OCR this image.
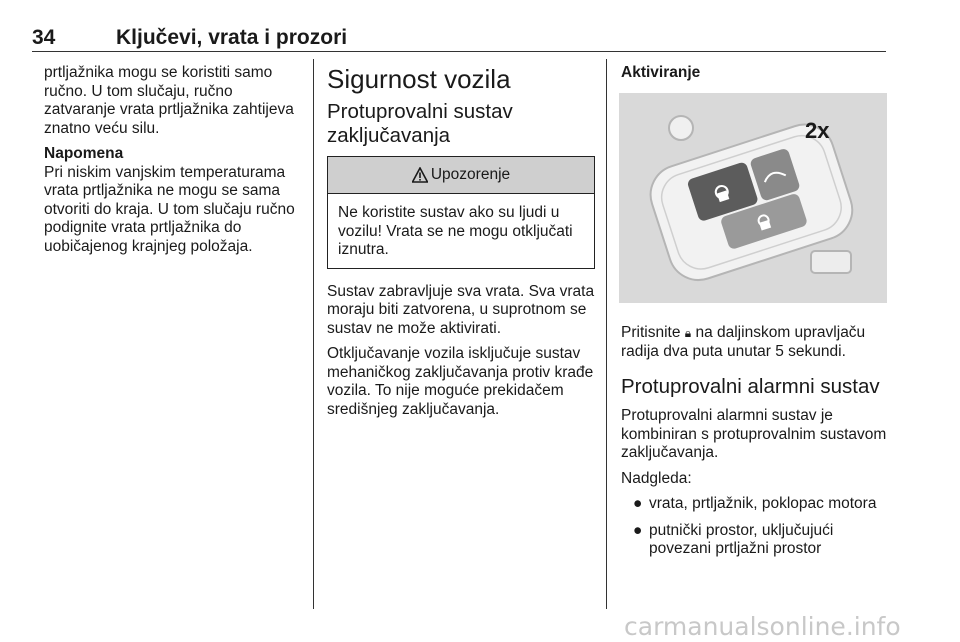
34	Ključevi, vrata i prozori

prtljažnika mogu se koristiti samo ručno. U tom slučaju, ručno zatvaranje vrata prtljažnika zahtijeva znatno veću silu.

Napomena

Pri niskim vanjskim temperaturama vrata prtljažnika ne mogu se sama otvoriti do kraja. U tom slučaju ručno podignite vrata prtljažnika do uobičajenog krajnjeg položaja.

Sigurnost vozila
Protuprovalni sustav zaključavanja
Upozorenje
Ne koristite sustav ako su ljudi u vozilu! Vrata se ne mogu otključati iznutra.

Sustav zabravljuje sva vrata. Sva vrata moraju biti zatvorena, u suprotnom se sustav ne može aktivirati.

Otključavanje vozila isključuje sustav mehaničkog zaključavanja protiv krađe vozila. To nije moguće prekidačem središnjeg zaključavanja.

Aktiviranje
2x

Pritisnite 🔒︎ na daljinskom upravljaču radija dva puta unutar 5 sekundi.

Protuprovalni alarmni sustav

Protuprovalni alarmni sustav je kombiniran s protuprovalnim sustavom zaključavanja.

Nadgleda:

● vrata, prtljažnik, poklopac motora
● putnički prostor, uključujući povezani prtljažni prostor
carmanualsonline.info
